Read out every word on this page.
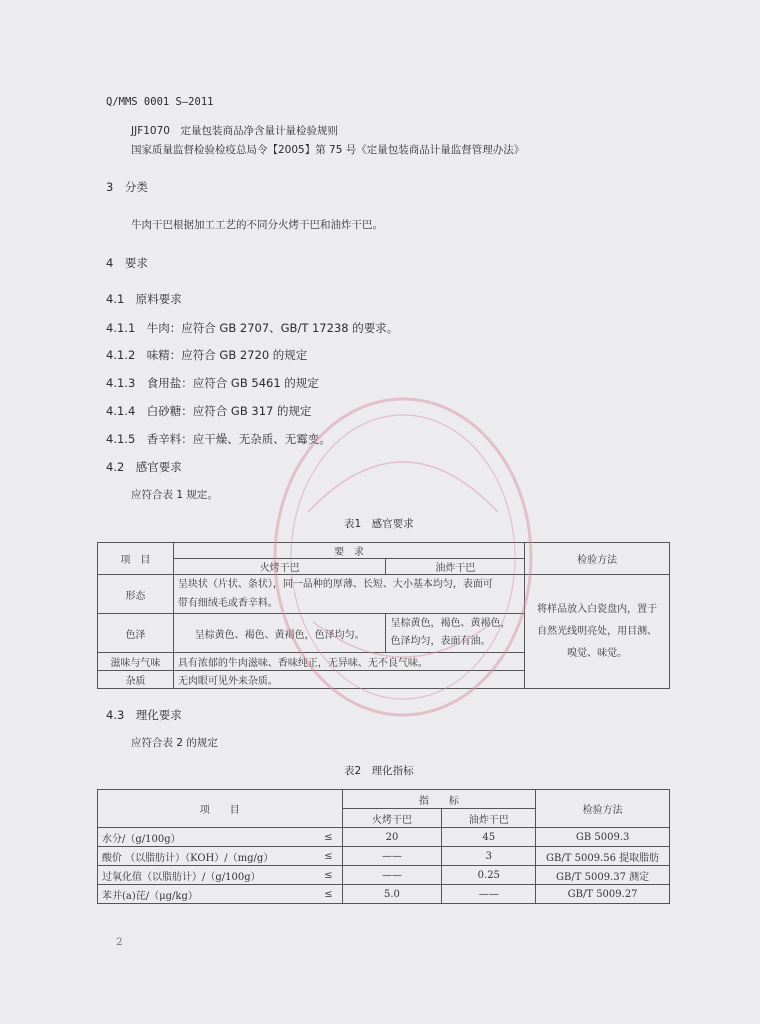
Q/MMS 0001 S—2011
JJF1070　定量包装商品净含量计量检验规则
国家质量监督检验检疫总局令【2005】第 75 号《定量包装商品计量监督管理办法》
3　分类
牛肉干巴根据加工工艺的不同分火烤干巴和油炸干巴。
4　要求
4.1　原料要求
4.1.1　牛肉：应符合 GB 2707、GB/T 17238 的要求。
4.1.2　味精：应符合 GB 2720 的规定
4.1.3　食用盐：应符合 GB 5461 的规定
4.1.4　白砂糖：应符合 GB 317 的规定
4.1.5　香辛料：应干燥、无杂质、无霉变。
4.2　感官要求
应符合表 1 规定。
表1　感官要求
项　目	要　求		检验方法
	火烤干巴	油炸干巴	
形态	呈块状（片状、条状），同一品种的厚薄、长短、大小基本均匀，表面可
带有细绒毛或香辛料。		将样品放入白瓷盘内，置于
自然光线明亮处，用目测、
嗅觉、味觉。
色泽	呈棕黄色、褐色、黄褐色，色泽均匀。	呈棕黄色，褐色、黄褐色，
色泽均匀，表面有油。	
滋味与气味	具有浓郁的牛肉滋味、香味纯正，无异味、无不良气味。		
杂质	无肉眼可见外来杂质。		
4.3　理化要求
应符合表 2 的规定
表2　理化指标
项　　目		指　　标		检验方法
		火烤干巴	油炸干巴	
水分/（g/100g）	≤	20	45	GB 5009.3
酸价 （以脂肪计）（KOH）/（mg/g）	≤	——	3	GB/T 5009.56 提取脂肪
过氧化值（以脂肪计）/（g/100g）	≤	——	0.25	GB/T 5009.37 测定
苯并(a)芘/（μg/kg）	≤	5.0	——	GB/T 5009.27
2
